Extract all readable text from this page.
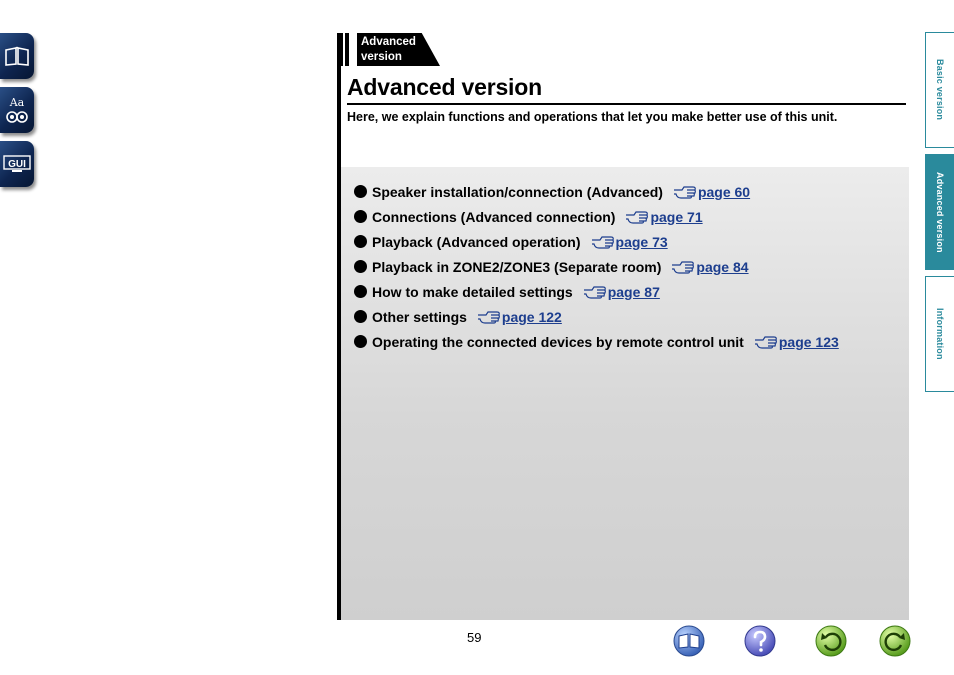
Aa
GUI
Advanced
version
Advanced version
Here, we explain functions and operations that let you make better use of this unit.
Speaker installation/connection (Advanced)	page 60
Connections (Advanced connection)	page 71
Playback (Advanced operation)	page 73
Playback in ZONE2/ZONE3 (Separate room)	page 84
How to make detailed settings	page 87
Other settings	page 122
Operating the connected devices by remote control unit	page 123
Basic version
Advanced version
Information
59
